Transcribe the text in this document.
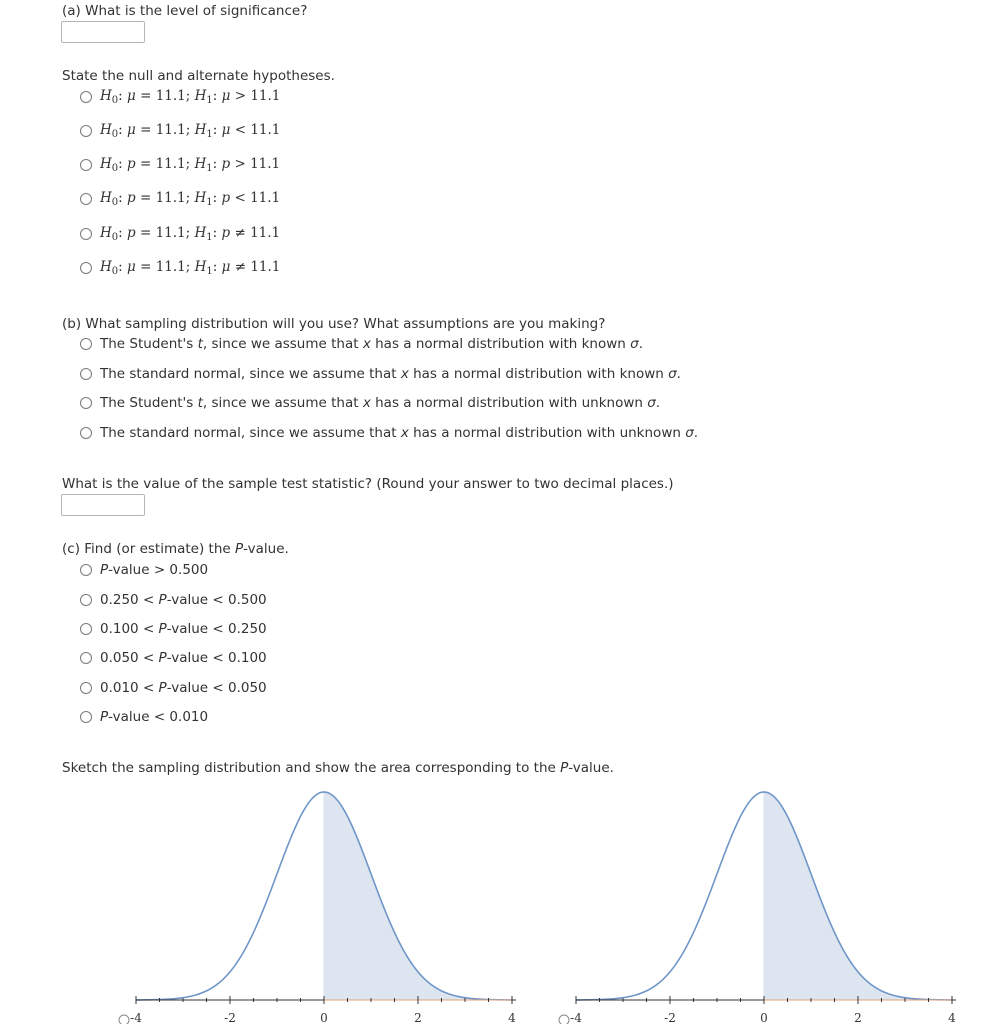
(a) What is the level of significance?
State the null and alternate hypotheses.
$H_0$: μ = 11.1; $H_1$: μ > 11.1
$H_0$: μ = 11.1; $H_1$: μ < 11.1
$H_0$: p = 11.1; $H_1$: p > 11.1
$H_0$: p = 11.1; $H_1$: p < 11.1
$H_0$: p = 11.1; $H_1$: p ≠ 11.1
$H_0$: μ = 11.1; $H_1$: μ ≠ 11.1
(b) What sampling distribution will you use? What assumptions are you making?
The Student's t, since we assume that x has a normal distribution with known σ.
The standard normal, since we assume that x has a normal distribution with known σ.
The Student's t, since we assume that x has a normal distribution with unknown σ.
The standard normal, since we assume that x has a normal distribution with unknown σ.
What is the value of the sample test statistic? (Round your answer to two decimal places.)
(c) Find (or estimate) the P-value.
P-value > 0.500
0.250 < P-value < 0.500
0.100 < P-value < 0.250
0.050 < P-value < 0.100
0.010 < P-value < 0.050
P-value < 0.010
Sketch the sampling distribution and show the area corresponding to the P-value.
-4	-2	0	2	4	-4	-2	0	2	4
